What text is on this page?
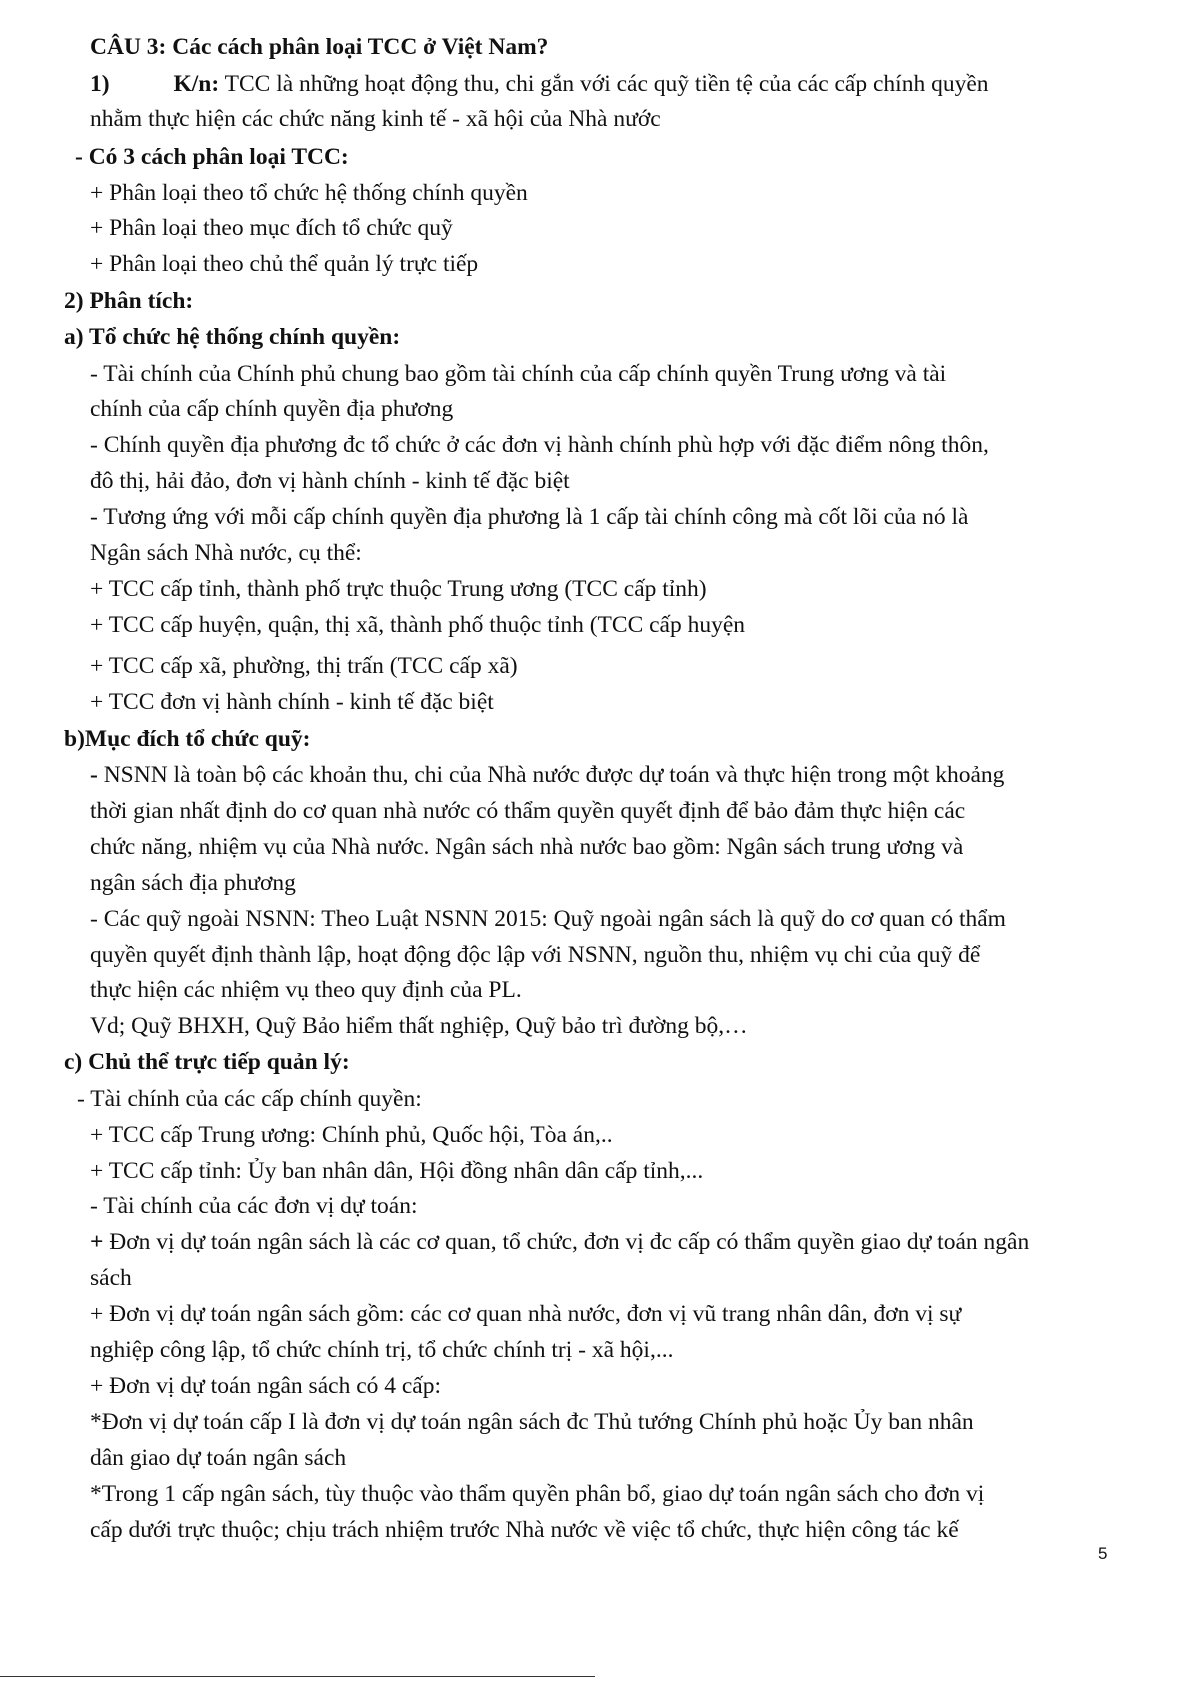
CÂU 3: Các cách phân loại TCC ở Việt Nam?
1)	K/n: TCC là những hoạt động thu, chi gắn với các quỹ tiền tệ của các cấp chính quyền
nhằm thực hiện các chức năng kinh tế - xã hội của Nhà nước
- Có 3 cách phân loại TCC:
+ Phân loại theo tổ chức hệ thống chính quyền
+ Phân loại theo mục đích tổ chức quỹ
+ Phân loại theo chủ thể quản lý trực tiếp
2) Phân tích:
a) Tổ chức hệ thống chính quyền:
- Tài chính của Chính phủ chung bao gồm tài chính của cấp chính quyền Trung ương và tài
chính của cấp chính quyền địa phương
- Chính quyền địa phương đc tổ chức ở các đơn vị hành chính phù hợp với đặc điểm nông thôn,
đô thị, hải đảo, đơn vị hành chính - kinh tế đặc biệt
- Tương ứng với mỗi cấp chính quyền địa phương là 1 cấp tài chính công mà cốt lõi của nó là
Ngân sách Nhà nước, cụ thể:
+ TCC cấp tỉnh, thành phố trực thuộc Trung ương (TCC cấp tỉnh)
+ TCC cấp huyện, quận, thị xã, thành phố thuộc tỉnh (TCC cấp huyện
+ TCC cấp xã, phường, thị trấn (TCC cấp xã)
+ TCC đơn vị hành chính - kinh tế đặc biệt
b)Mục đích tổ chức quỹ:
- NSNN là toàn bộ các khoản thu, chi của Nhà nước được dự toán và thực hiện trong một khoảng
thời gian nhất định do cơ quan nhà nước có thẩm quyền quyết định để bảo đảm thực hiện các
chức năng, nhiệm vụ của Nhà nước. Ngân sách nhà nước bao gồm: Ngân sách trung ương và
ngân sách địa phương
- Các quỹ ngoài NSNN: Theo Luật NSNN 2015: Quỹ ngoài ngân sách là quỹ do cơ quan có thẩm
quyền quyết định thành lập, hoạt động độc lập với NSNN, nguồn thu, nhiệm vụ chi của quỹ để
thực hiện các nhiệm vụ theo quy định của PL.
Vd; Quỹ BHXH, Quỹ Bảo hiểm thất nghiệp, Quỹ bảo trì đường bộ,…
c) Chủ thể trực tiếp quản lý:
- Tài chính của các cấp chính quyền:
+ TCC cấp Trung ương: Chính phủ, Quốc hội, Tòa án,..
+ TCC cấp tỉnh: Ủy ban nhân dân, Hội đồng nhân dân cấp tỉnh,...
- Tài chính của các đơn vị dự toán:
+ Đơn vị dự toán ngân sách là các cơ quan, tổ chức, đơn vị đc cấp có thẩm quyền giao dự toán ngân
sách
+ Đơn vị dự toán ngân sách gồm: các cơ quan nhà nước, đơn vị vũ trang nhân dân, đơn vị sự
nghiệp công lập, tổ chức chính trị, tổ chức chính trị - xã hội,...
+ Đơn vị dự toán ngân sách có 4 cấp:
*Đơn vị dự toán cấp I là đơn vị dự toán ngân sách đc Thủ tướng Chính phủ hoặc Ủy ban nhân
dân giao dự toán ngân sách
*Trong 1 cấp ngân sách, tùy thuộc vào thẩm quyền phân bổ, giao dự toán ngân sách cho đơn vị
cấp dưới trực thuộc; chịu trách nhiệm trước Nhà nước về việc tổ chức, thực hiện công tác kế
5
